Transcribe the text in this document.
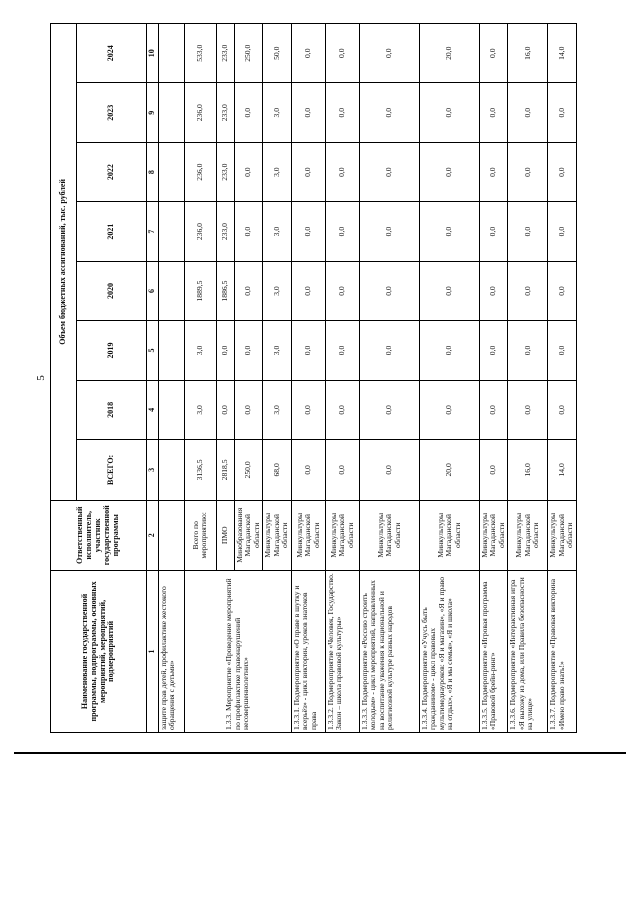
5
Наименование государственной программы, подпрограммы, основных мероприятий, мероприятий, подмероприятий	Ответственный исполнитель, участник государственной программы	Объем бюджетных ассигнований, тыс. рублей							
		ВСЕГО:	2018	2019	2020	2021	2022	2023	2024
1	2	3	4	5	6	7	8	9	10
защите прав детей, профилактике жестокого обращения с детьми»									
1.3.3. Мероприятие «Проведение мероприятий по профилактике правонарушений несовершеннолетних»	Всего по мероприятию:	3136,5	3,0	3,0	1889,5	236,0	236,0	236,0	533,0
	ПМО	2818,5	0,0	0,0	1886,5	233,0	233,0	233,0	233,0
	Минобразования Магаданской области	250,0	0,0	0,0	0,0	0,0	0,0	0,0	250,0
	Минкультуры Магаданской области	68,0	3,0	3,0	3,0	3,0	3,0	3,0	50,0
1.3.3.1. Подмероприятие «О праве в шутку и всерьёз» - цикл викторин, уроков знатоков права	Минкультуры Магаданской области	0,0	0,0	0,0	0,0	0,0	0,0	0,0	0,0
1.3.3.2. Подмероприятие «Человек, Государство. Закон – школа правовой культуры»	Минкультуры Магаданской области	0,0	0,0	0,0	0,0	0,0	0,0	0,0	0,0
1.3.3.3. Подмероприятие «Россию строить молодым» - цикл мероприятий, направленных на воспитание уважения к национальной и религиозной культуре разных народов	Минкультуры Магаданской области	0,0	0,0	0,0	0,0	0,0	0,0	0,0	0,0
1.3.3.4. Подмероприятие «Учусь быть гражданином» - цикл правовых мультимедиауроков: «Я и магазин», «Я и право на отдых», «Я и мы семья», «Я и школа»	Минкультуры Магаданской области	20,0	0,0	0,0	0,0	0,0	0,0	0,0	20,0
1.3.3.5. Подмероприятие «Игровая программа «Правовой брейн-ринг»	Минкультуры Магаданской области	0,0	0,0	0,0	0,0	0,0	0,0	0,0	0,0
1.3.3.6. Подмероприятие «Интерактивная игра «Я выхожу из дома, или Правила безопасности на улице»	Минкультуры Магаданской области	16,0	0,0	0,0	0,0	0,0	0,0	0,0	16,0
1.3.3.7. Подмероприятие «Правовая викторина «Имею право знать!»	Минкультуры Магаданской области	14,0	0,0	0,0	0,0	0,0	0,0	0,0	14,0
